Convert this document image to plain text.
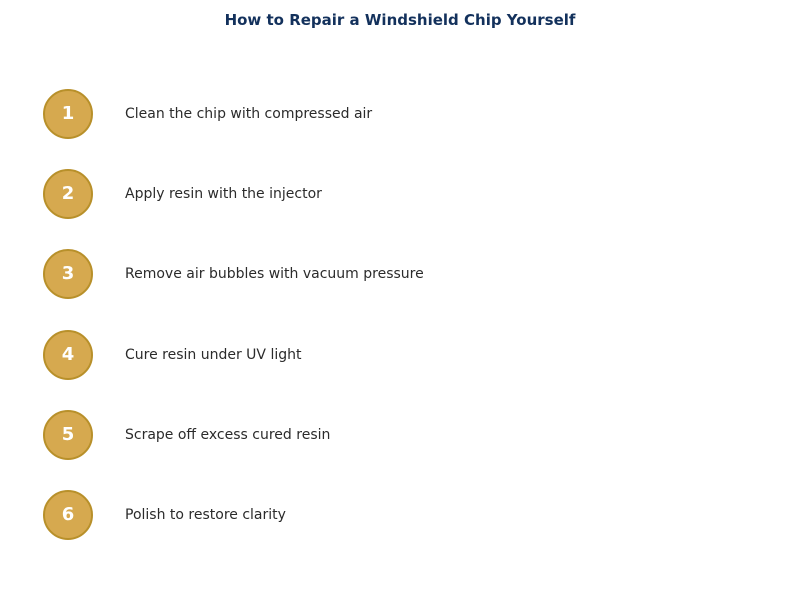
How to Repair a Windshield Chip Yourself
1	Clean the chip with compressed air
2	Apply resin with the injector
3	Remove air bubbles with vacuum pressure
4	Cure resin under UV light
5	Scrape off excess cured resin
6	Polish to restore clarity
